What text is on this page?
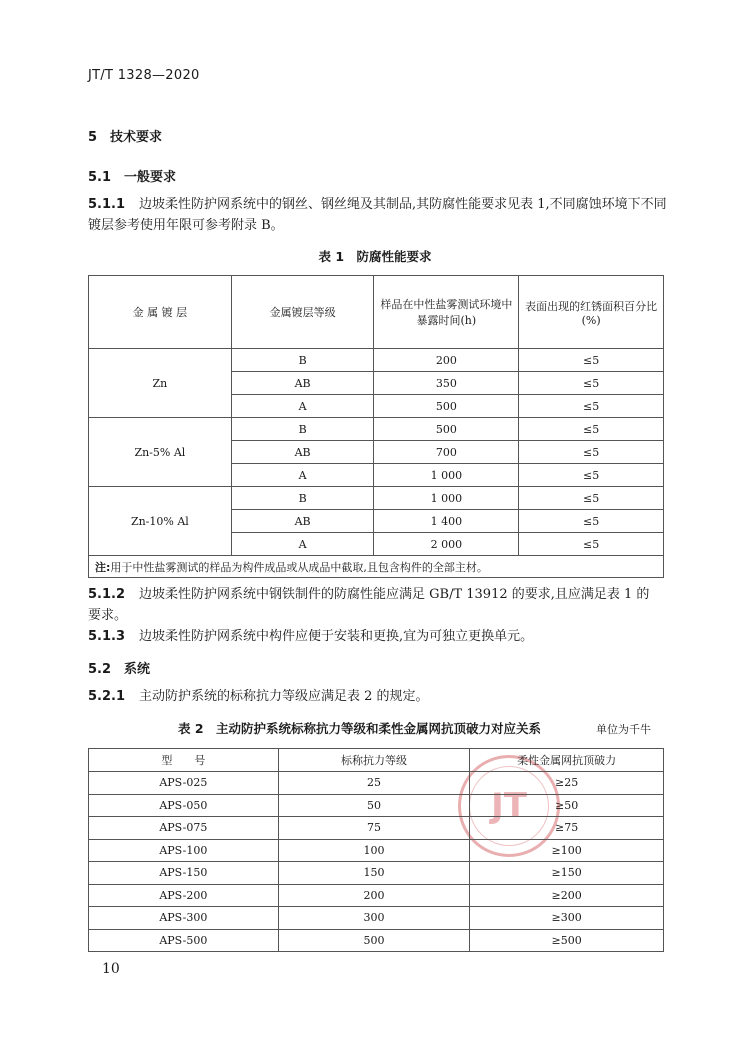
JT/T 1328—2020
5　技术要求
5.1　一般要求
5.1.1 边坡柔性防护网系统中的钢丝、钢丝绳及其制品,其防腐性能要求见表 1,不同腐蚀环境下不同
镀层参考使用年限可参考附录 B。
表 1　防腐性能要求
金 属 镀 层	金属镀层等级	样品在中性盐雾测试环境中暴露时间(h)	表面出现的红锈面积百分比(%)
Zn	B	200	≤5
	AB	350	≤5
	A	500	≤5
Zn-5% Al	B	500	≤5
	AB	700	≤5
	A	1 000	≤5
Zn-10% Al	B	1 000	≤5
	AB	1 400	≤5
	A	2 000	≤5
注:用于中性盐雾测试的样品为构件成品或从成品中截取,且包含构件的全部主材。			
5.1.2 边坡柔性防护网系统中钢铁制件的防腐性能应满足 GB/T 13912 的要求,且应满足表 1 的
要求。
5.1.3 边坡柔性防护网系统中构件应便于安装和更换,宜为可独立更换单元。
5.2　系统
5.2.1 主动防护系统的标称抗力等级应满足表 2 的规定。
表 2　主动防护系统标称抗力等级和柔性金属网抗顶破力对应关系	单位为千牛
JT
型　　号	标称抗力等级	柔性金属网抗顶破力
APS-025	25	≥25
APS-050	50	≥50
APS-075	75	≥75
APS-100	100	≥100
APS-150	150	≥150
APS-200	200	≥200
APS-300	300	≥300
APS-500	500	≥500
10
